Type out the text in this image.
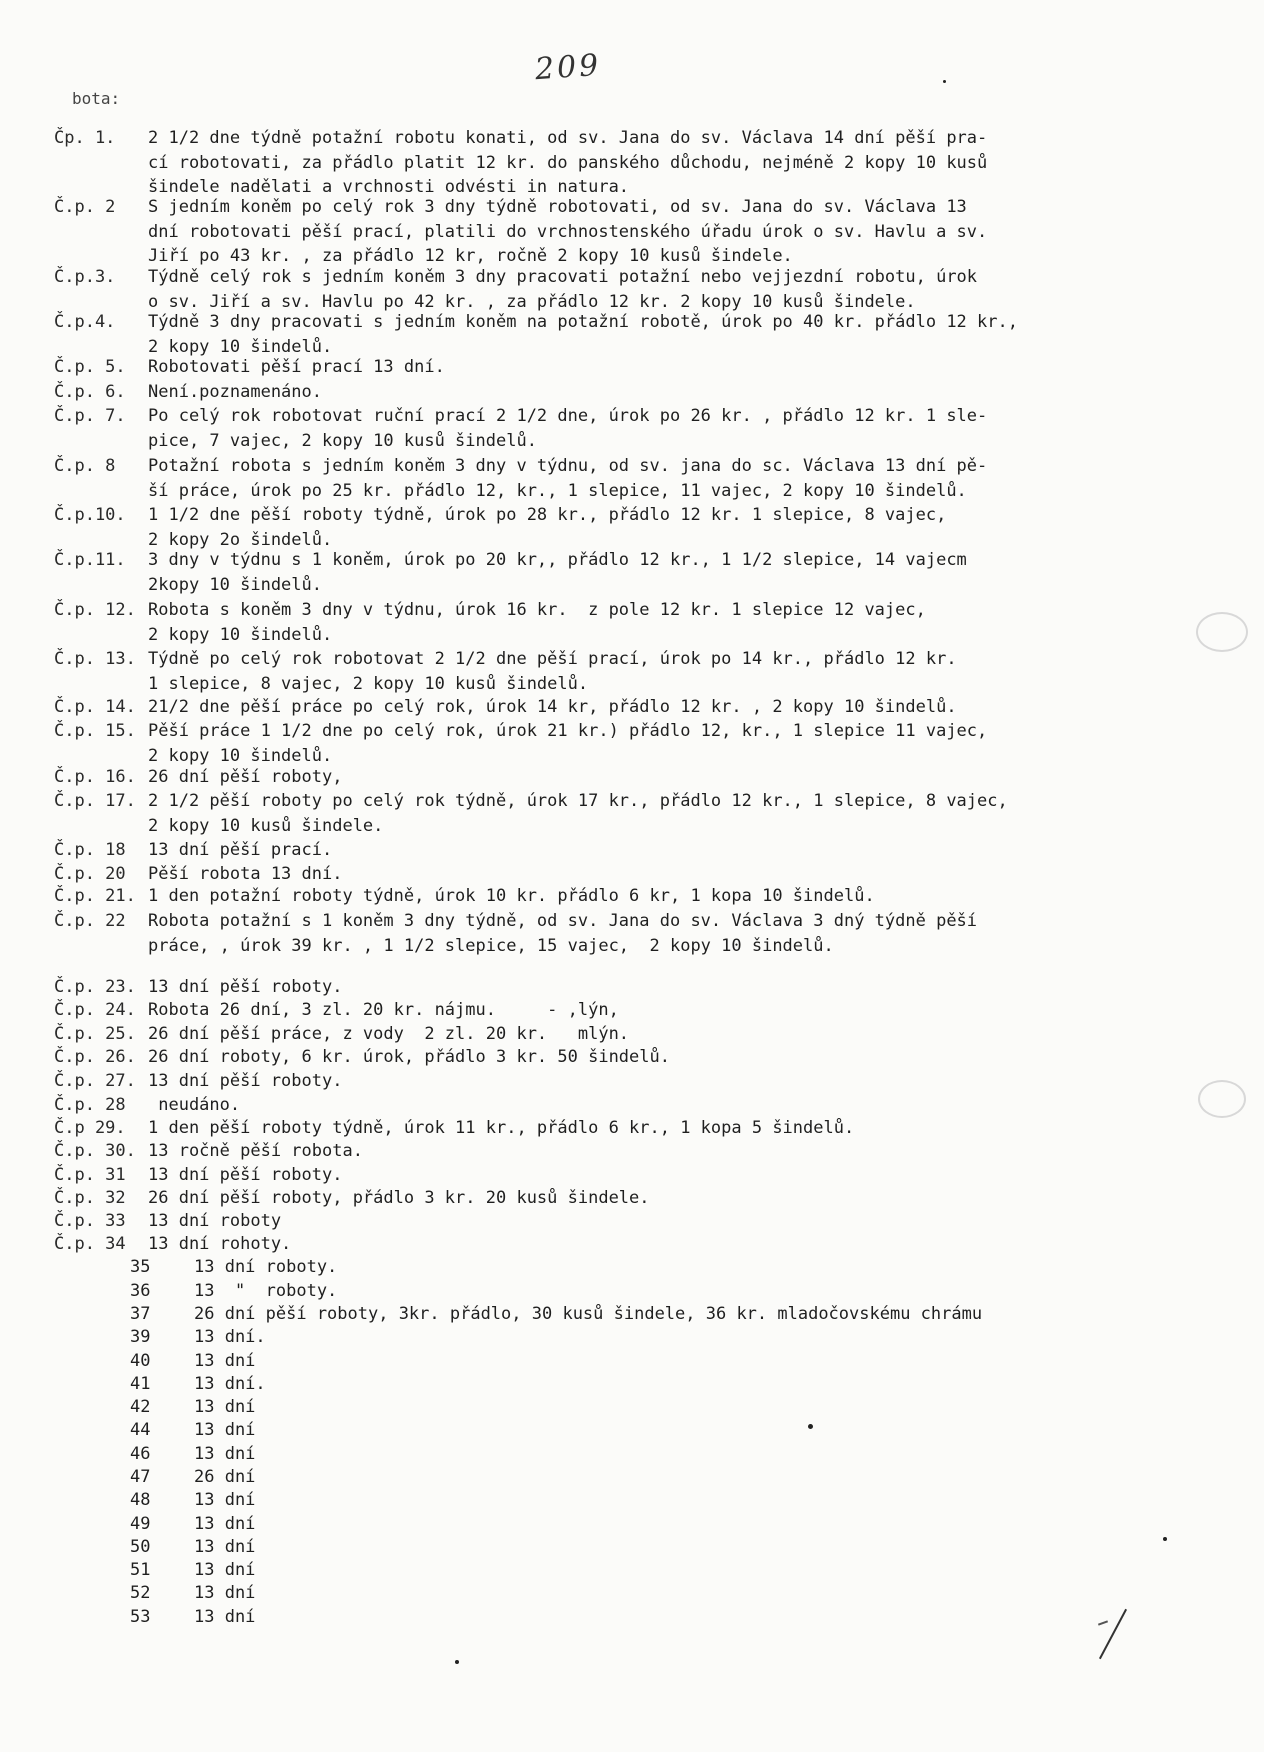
209
bota:
Čp. 1. 2 1/2 dne týdně potažní robotu konati, od sv. Jana do sv. Václava 14 dní pěší pra-
cí robotovati, za přádlo platit 12 kr. do panského důchodu, nejméně 2 kopy 10 kusů
šindele nadělati a vrchnosti odvésti in natura.
Č.p. 2 S jedním koněm po celý rok 3 dny týdně robotovati, od sv. Jana do sv. Václava 13
dní robotovati pěší prací, platili do vrchnostenského úřadu úrok o sv. Havlu a sv.
Jiří po 43 kr. , za přádlo 12 kr, ročně 2 kopy 10 kusů šindele.
Č.p.3. Týdně celý rok s jedním koněm 3 dny pracovati potažní nebo vejjezdní robotu, úrok
o sv. Jiří a sv. Havlu po 42 kr. , za přádlo 12 kr. 2 kopy 10 kusů šindele.
Č.p.4. Týdně 3 dny pracovati s jedním koněm na potažní robotě, úrok po 40 kr. přádlo 12 kr.,
2 kopy 10 šindelů.
Č.p. 5. Robotovati pěší prací 13 dní.
Č.p. 6. Není.poznamenáno.
Č.p. 7. Po celý rok robotovat ruční prací 2 1/2 dne, úrok po 26 kr. , přádlo 12 kr. 1 sle-
pice, 7 vajec, 2 kopy 10 kusů šindelů.
Č.p. 8 Potažní robota s jedním koněm 3 dny v týdnu, od sv. jana do sc. Václava 13 dní pě-
ší práce, úrok po 25 kr. přádlo 12, kr., 1 slepice, 11 vajec, 2 kopy 10 šindelů.
Č.p.10. 1 1/2 dne pěší roboty týdně, úrok po 28 kr., přádlo 12 kr. 1 slepice, 8 vajec,
2 kopy 2o šindelů.
Č.p.11. 3 dny v týdnu s 1 koněm, úrok po 20 kr,, přádlo 12 kr., 1 1/2 slepice, 14 vajecm
2kopy 10 šindelů.
Č.p. 12. Robota s koněm 3 dny v týdnu, úrok 16 kr.  z pole 12 kr. 1 slepice 12 vajec,
2 kopy 10 šindelů.
Č.p. 13. Týdně po celý rok robotovat 2 1/2 dne pěší prací, úrok po 14 kr., přádlo 12 kr.
1 slepice, 8 vajec, 2 kopy 10 kusů šindelů.
Č.p. 14. 21/2 dne pěší práce po celý rok, úrok 14 kr, přádlo 12 kr. , 2 kopy 10 šindelů.
Č.p. 15. Pěší práce 1 1/2 dne po celý rok, úrok 21 kr.) přádlo 12, kr., 1 slepice 11 vajec,
2 kopy 10 šindelů.
Č.p. 16. 26 dní pěší roboty,
Č.p. 17. 2 1/2 pěší roboty po celý rok týdně, úrok 17 kr., přádlo 12 kr., 1 slepice, 8 vajec,
2 kopy 10 kusů šindele.
Č.p. 18 13 dní pěší prací.
Č.p. 20 Pěší robota 13 dní.
Č.p. 21. 1 den potažní roboty týdně, úrok 10 kr. přádlo 6 kr, 1 kopa 10 šindelů.
Č.p. 22 Robota potažní s 1 koněm 3 dny týdně, od sv. Jana do sv. Václava 3 dný týdně pěší
práce, , úrok 39 kr. , 1 1/2 slepice, 15 vajec,  2 kopy 10 šindelů.
Č.p. 23. 13 dní pěší roboty.
Č.p. 24. Robota 26 dní, 3 zl. 20 kr. nájmu.     - ,lýn,
Č.p. 25. 26 dní pěší práce, z vody  2 zl. 20 kr.   mlýn.
Č.p. 26. 26 dní roboty, 6 kr. úrok, přádlo 3 kr. 50 šindelů.
Č.p. 27. 13 dní pěší roboty.
Č.p. 28 neudáno.
Č.p 29. 1 den pěší roboty týdně, úrok 11 kr., přádlo 6 kr., 1 kopa 5 šindelů.
Č.p. 30. 13 ročně pěší robota.
Č.p. 31 13 dní pěší roboty.
Č.p. 32 26 dní pěší roboty, přádlo 3 kr. 20 kusů šindele.
Č.p. 33 13 dní roboty
Č.p. 34 13 dní rohoty.
35	13 dní roboty.
36	13  "  roboty.
37	26 dní pěší roboty, 3kr. přádlo, 30 kusů šindele, 36 kr. mladočovskému chrámu
39	13 dní.
40	13 dní
41	13 dní.
42	13 dní
44	13 dní
46	13 dní
47	26 dní
48	13 dní
49	13 dní
50	13 dní
51	13 dní
52	13 dní
53	13 dní
